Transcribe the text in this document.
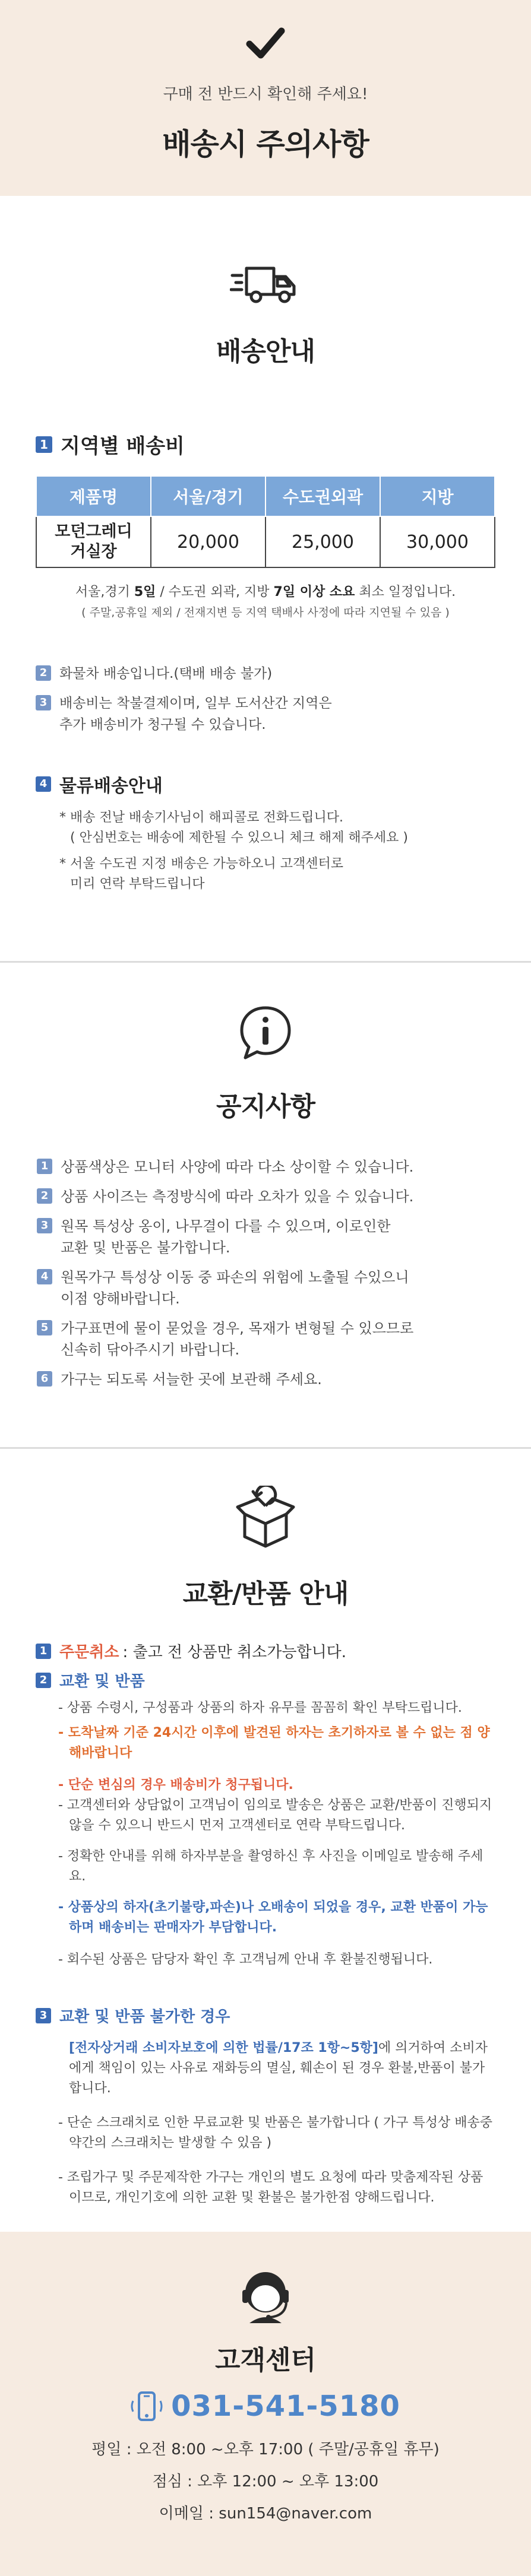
구매 전 반드시 확인해 주세요!
배송시 주의사항
배송안내
1 지역별 배송비
제품명	서울/경기	수도권외곽	지방

모던그레디
거실장	20,000	25,000	30,000
서울,경기 5일 / 수도권 외곽, 지방 7일 이상 소요 최소 일정입니다.
( 주말,공휴일 제외 / 전재지변 등 지역 택배사 사정에 따라 지연될 수 있음 )
2 화물차 배송입니다.(택배 배송 불가)
3 배송비는 착불결제이며, 일부 도서산간 지역은
추가 배송비가 청구될 수 있습니다.
4 물류배송안내
* 배송 전날 배송기사님이 해피콜로 전화드립니다.
( 안심번호는 배송에 제한될 수 있으니 체크 해제 해주세요 )
* 서울 수도권 지정 배송은 가능하오니 고객센터로
미리 연락 부탁드립니다
공지사항
1 상품색상은 모니터 사양에 따라 다소 상이할 수 있습니다.
2 상품 사이즈는 측정방식에 따라 오차가 있을 수 있습니다.
3 원목 특성상 옹이, 나무결이 다를 수 있으며, 이로인한
교환 및 반품은 불가합니다.
4 원목가구 특성상 이동 중 파손의 위험에 노출될 수있으니
이점 양해바랍니다.
5 가구표면에 물이 묻었을 경우, 목재가 변형될 수 있으므로
신속히 닦아주시기 바랍니다.
6 가구는 되도록 서늘한 곳에 보관해 주세요.
교환/반품 안내
1 주문취소 : 출고 전 상품만 취소가능합니다.
2 교환 및 반품
- 상품 수령시, 구성품과 상품의 하자 유무를 꼼꼼히 확인 부탁드립니다.
- 도착날짜 기준 24시간 이후에 발견된 하자는 초기하자로 볼 수 없는 점 양해바랍니다
- 단순 변심의 경우 배송비가 청구됩니다.
- 고객센터와 상담없이 고객님이 임의로 발송은 상품은 교환/반품이 진행되지 않을 수 있으니 반드시 먼저 고객센터로 연락 부탁드립니다.
- 정확한 안내를 위해 하자부분을 촬영하신 후 사진을 이메일로 발송해 주세요.
- 상품상의 하자(초기불량,파손)나 오배송이 되었을 경우, 교환 반품이 가능하며 배송비는 판매자가 부담합니다.
- 회수된 상품은 담당자 확인 후 고객님께 안내 후 환불진행됩니다.
3 교환 및 반품 불가한 경우
[전자상거래 소비자보호에 의한 법률/17조 1항~5항]에 의거하여 소비자에게 책임이 있는 사유로 재화등의 멸실, 훼손이 된 경우 환불,반품이 불가합니다.
- 단순 스크래치로 인한 무료교환 및 반품은 불가합니다 ( 가구 특성상 배송중 약간의 스크래치는 발생할 수 있음 )
- 조립가구 및 주문제작한 가구는 개인의 별도 요청에 따라 맞춤제작된 상품이므로, 개인기호에 의한 교환 및 환불은 불가한점 양해드립니다.
고객센터
031-541-5180
평일 : 오전 8:00 ~오후 17:00 ( 주말/공휴일 휴무)
점심 : 오후 12:00 ~ 오후 13:00
이메일 : sun154@naver.com
